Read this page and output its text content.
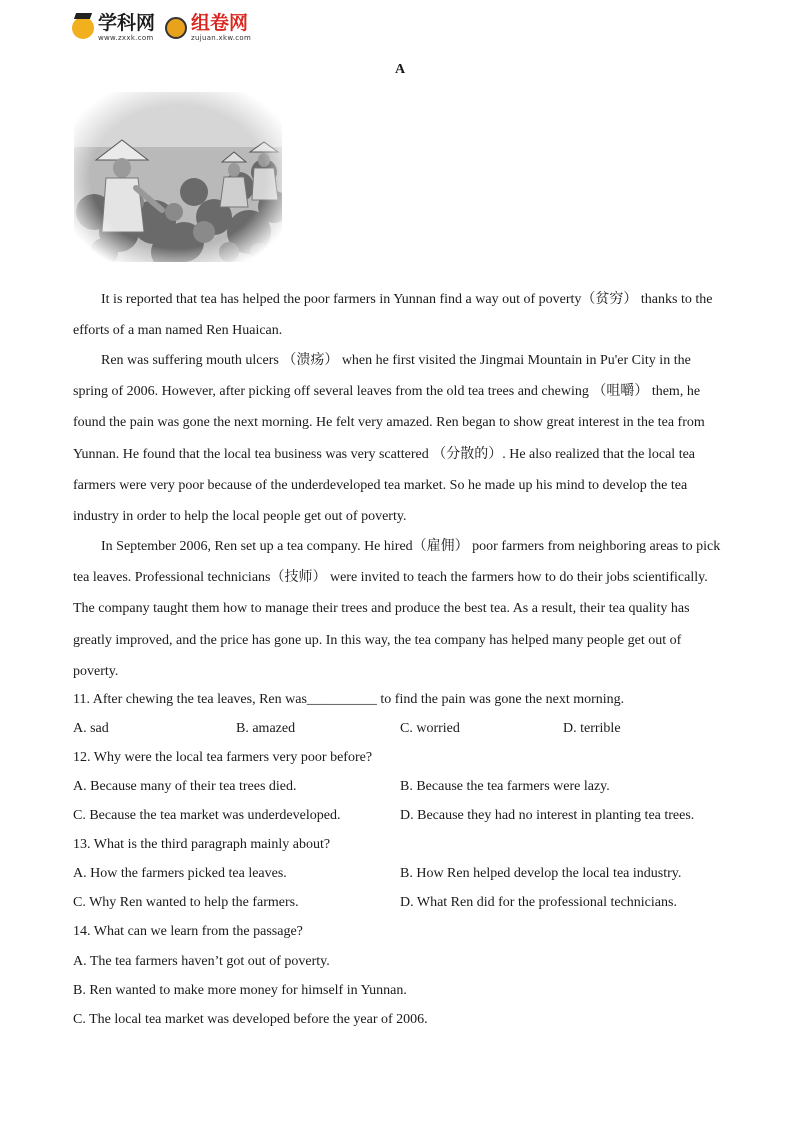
学科网
www.zxxk.com
组卷网
zujuan.xkw.com
A

It is reported that tea has helped the poor farmers in Yunnan find a way out of poverty（贫穷） thanks to the efforts of a man named Ren Huaican.

Ren was suffering mouth ulcers （溃疡） when he first visited the Jingmai Mountain in Pu'er City in the spring of 2006. However, after picking off several leaves from the old tea trees and chewing （咀嚼） them, he found the pain was gone the next morning. He felt very amazed. Ren began to show great interest in the tea from Yunnan. He found that the local tea business was very scattered （分散的）. He also realized that the local tea farmers were very poor because of the underdeveloped tea market. So he made up his mind to develop the tea industry in order to help the local people get out of poverty.

In September 2006, Ren set up a tea company. He hired（雇佣） poor farmers from neighboring areas to pick tea leaves. Professional technicians（技师） were invited to teach the farmers how to do their jobs scientifically. The company taught them how to manage their trees and produce the best tea. As a result, their tea quality has greatly improved, and the price has gone up. In this way, the tea company has helped many people get out of poverty.

11. After chewing the tea leaves, Ren was__________ to find the pain was gone the next morning.
A. sad	B. amazed	C. worried	D. terrible
12. Why were the local tea farmers very poor before?
A. Because many of their tea trees died.	B. Because the tea farmers were lazy.
C. Because the tea market was underdeveloped.	D. Because they had no interest in planting tea trees.
13. What is the third paragraph mainly about?
A. How the farmers picked tea leaves.	B. How Ren helped develop the local tea industry.
C. Why Ren wanted to help the farmers.	D. What Ren did for the professional technicians.
14. What can we learn from the passage?
A. The tea farmers haven’t got out of poverty.
B. Ren wanted to make more money for himself in Yunnan.
C. The local tea market was developed before the year of 2006.
